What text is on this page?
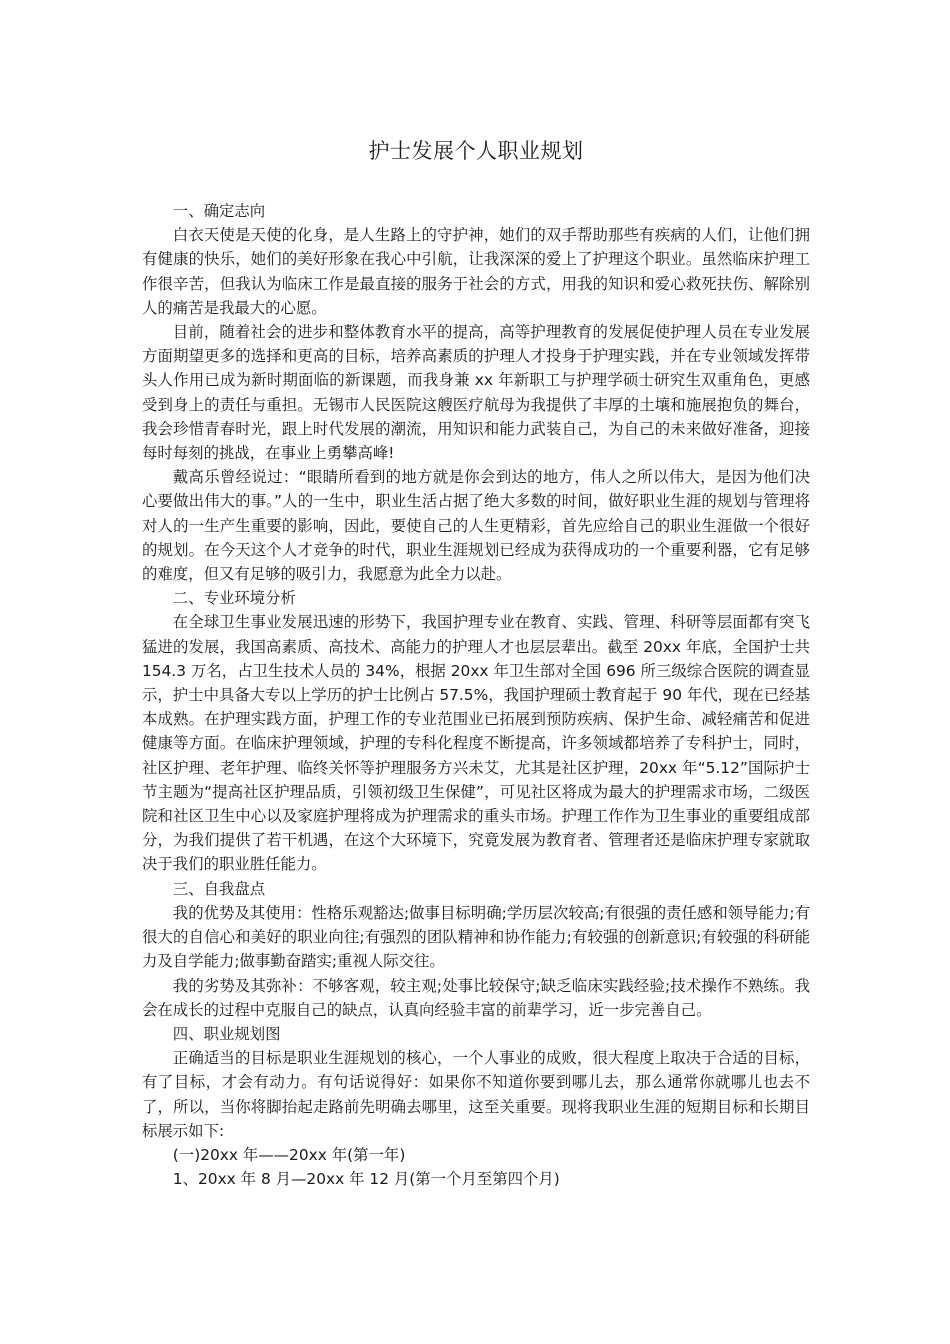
护士发展个人职业规划

一、确定志向

白衣天使是天使的化身，是人生路上的守护神，她们的双手帮助那些有疾病的人们，让他们拥有健康的快乐，她们的美好形象在我心中引航，让我深深的爱上了护理这个职业。虽然临床护理工作很辛苦，但我认为临床工作是最直接的服务于社会的方式，用我的知识和爱心救死扶伤、解除别人的痛苦是我最大的心愿。

目前，随着社会的进步和整体教育水平的提高，高等护理教育的发展促使护理人员在专业发展方面期望更多的选择和更高的目标，培养高素质的护理人才投身于护理实践，并在专业领域发挥带头人作用已成为新时期面临的新课题，而我身兼 xx 年新职工与护理学硕士研究生双重角色，更感受到身上的责任与重担。无锡市人民医院这艘医疗航母为我提供了丰厚的土壤和施展抱负的舞台，我会珍惜青春时光，跟上时代发展的潮流，用知识和能力武装自己，为自己的未来做好准备，迎接每时每刻的挑战，在事业上勇攀高峰!

戴高乐曾经说过：“眼睛所看到的地方就是你会到达的地方，伟人之所以伟大，是因为他们决心要做出伟大的事。”人的一生中，职业生活占据了绝大多数的时间，做好职业生涯的规划与管理将对人的一生产生重要的影响，因此，要使自己的人生更精彩，首先应给自己的职业生涯做一个很好的规划。在今天这个人才竞争的时代，职业生涯规划已经成为获得成功的一个重要利器，它有足够的难度，但又有足够的吸引力，我愿意为此全力以赴。

二、专业环境分析

在全球卫生事业发展迅速的形势下，我国护理专业在教育、实践、管理、科研等层面都有突飞猛进的发展，我国高素质、高技术、高能力的护理人才也层层辈出。截至 20xx 年底，全国护士共 154.3 万名，占卫生技术人员的 34%，根据 20xx 年卫生部对全国 696 所三级综合医院的调查显示，护士中具备大专以上学历的护士比例占 57.5%，我国护理硕士教育起于 90 年代，现在已经基本成熟。在护理实践方面，护理工作的专业范围业已拓展到预防疾病、保护生命、减轻痛苦和促进健康等方面。在临床护理领域，护理的专科化程度不断提高，许多领域都培养了专科护士，同时，社区护理、老年护理、临终关怀等护理服务方兴未艾，尤其是社区护理，20xx 年“5.12”国际护士节主题为“提高社区护理品质，引领初级卫生保健”，可见社区将成为最大的护理需求市场，二级医院和社区卫生中心以及家庭护理将成为护理需求的重头市场。护理工作作为卫生事业的重要组成部分，为我们提供了若干机遇，在这个大环境下，究竟发展为教育者、管理者还是临床护理专家就取决于我们的职业胜任能力。

三、自我盘点

我的优势及其使用：性格乐观豁达;做事目标明确;学历层次较高;有很强的责任感和领导能力;有很大的自信心和美好的职业向往;有强烈的团队精神和协作能力;有较强的创新意识;有较强的科研能力及自学能力;做事勤奋踏实;重视人际交往。

我的劣势及其弥补：不够客观，较主观;处事比较保守;缺乏临床实践经验;技术操作不熟练。我会在成长的过程中克服自己的缺点，认真向经验丰富的前辈学习，近一步完善自己。

四、职业规划图

正确适当的目标是职业生涯规划的核心，一个人事业的成败，很大程度上取决于合适的目标，有了目标，才会有动力。有句话说得好：如果你不知道你要到哪儿去，那么通常你就哪儿也去不了，所以，当你将脚抬起走路前先明确去哪里，这至关重要。现将我职业生涯的短期目标和长期目标展示如下:

(一)20xx 年——20xx 年(第一年)

1、20xx 年 8 月—20xx 年 12 月(第一个月至第四个月)
